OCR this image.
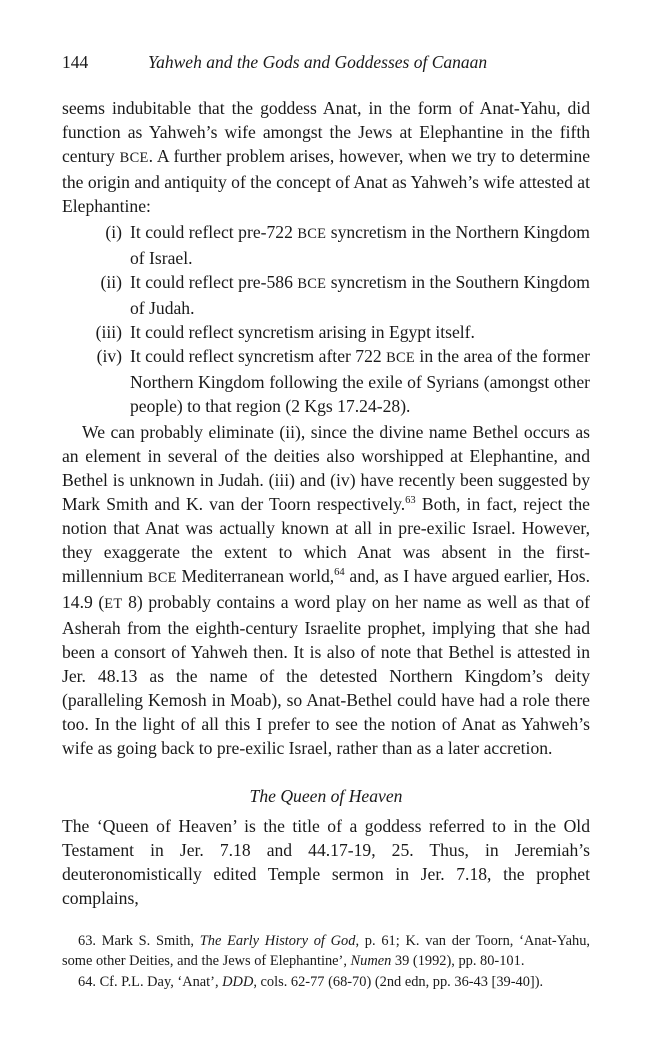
144	Yahweh and the Gods and Goddesses of Canaan

seems indubitable that the goddess Anat, in the form of Anat-Yahu, did function as Yahweh’s wife amongst the Jews at Elephantine in the fifth century BCE. A further problem arises, however, when we try to determine the origin and antiquity of the concept of Anat as Yahweh’s wife attested at Elephantine:

(i) It could reflect pre-722 BCE syncretism in the Northern Kingdom of Israel.
(ii) It could reflect pre-586 BCE syncretism in the Southern Kingdom of Judah.
(iii) It could reflect syncretism arising in Egypt itself.
(iv) It could reflect syncretism after 722 BCE in the area of the former Northern Kingdom following the exile of Syrians (amongst other people) to that region (2 Kgs 17.24-28).

We can probably eliminate (ii), since the divine name Bethel occurs as an element in several of the deities also worshipped at Elephantine, and Bethel is unknown in Judah. (iii) and (iv) have recently been suggested by Mark Smith and K. van der Toorn respectively.$^{63}$ Both, in fact, reject the notion that Anat was actually known at all in pre-exilic Israel. However, they exaggerate the extent to which Anat was absent in the first-millennium BCE Mediterranean world,$^{64}$ and, as I have argued earlier, Hos. 14.9 (ET 8) probably contains a word play on her name as well as that of Asherah from the eighth-century Israelite prophet, implying that she had been a consort of Yahweh then. It is also of note that Bethel is attested in Jer. 48.13 as the name of the detested Northern Kingdom’s deity (paralleling Kemosh in Moab), so Anat-Bethel could have had a role there too. In the light of all this I prefer to see the notion of Anat as Yahweh’s wife as going back to pre-exilic Israel, rather than as a later accretion.

The Queen of Heaven

The ‘Queen of Heaven’ is the title of a goddess referred to in the Old Testament in Jer. 7.18 and 44.17-19, 25. Thus, in Jeremiah’s deuteronomistically edited Temple sermon in Jer. 7.18, the prophet complains,

63. Mark S. Smith, The Early History of God, p. 61; K. van der Toorn, ‘Anat-Yahu, some other Deities, and the Jews of Elephantine’, Numen 39 (1992), pp. 80-101.

64. Cf. P.L. Day, ‘Anat’, DDD, cols. 62-77 (68-70) (2nd edn, pp. 36-43 [39-40]).
